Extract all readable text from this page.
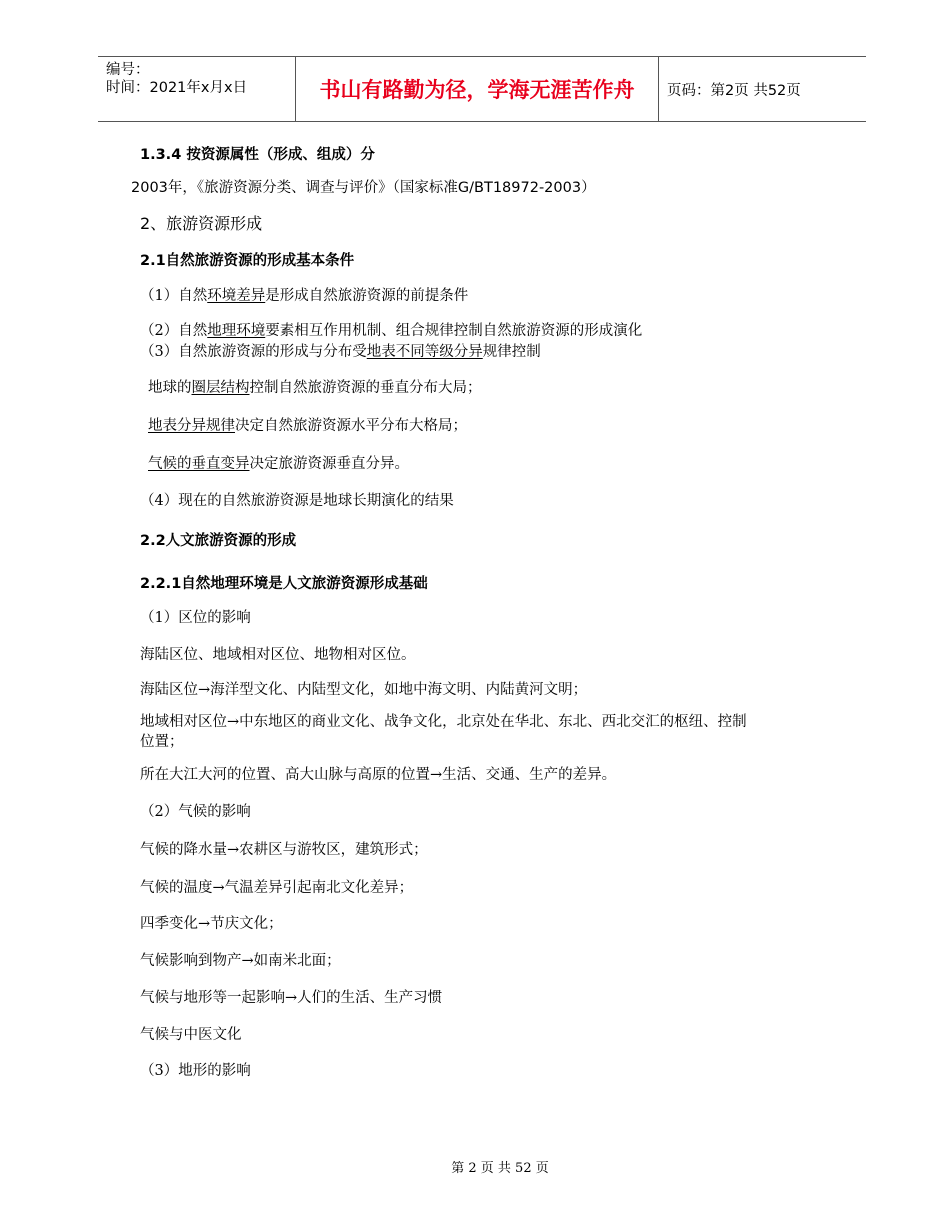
编号：
时间：2021年x月x日	书山有路勤为径，学海无涯苦作舟	页码：第2页 共52页
1.3.4 按资源属性（形成、组成）分
2003年，《旅游资源分类、调查与评价》（国家标准G/BT18972-2003）
2、旅游资源形成
2.1自然旅游资源的形成基本条件
（1）自然环境差异是形成自然旅游资源的前提条件
（2）自然地理环境要素相互作用机制、组合规律控制自然旅游资源的形成演化
（3）自然旅游资源的形成与分布受地表不同等级分异规律控制
地球的圈层结构控制自然旅游资源的垂直分布大局；
地表分异规律决定自然旅游资源水平分布大格局；
气候的垂直变异决定旅游资源垂直分异。
（4）现在的自然旅游资源是地球长期演化的结果
2.2人文旅游资源的形成
2.2.1自然地理环境是人文旅游资源形成基础
（1）区位的影响
海陆区位、地域相对区位、地物相对区位。
海陆区位→海洋型文化、内陆型文化，如地中海文明、内陆黄河文明；
地域相对区位→中东地区的商业文化、战争文化，北京处在华北、东北、西北交汇的枢纽、控制
位置；
所在大江大河的位置、高大山脉与高原的位置→生活、交通、生产的差异。
（2）气候的影响
气候的降水量→农耕区与游牧区，建筑形式；
气候的温度→气温差异引起南北文化差异；
四季变化→节庆文化；
气候影响到物产→如南米北面；
气候与地形等一起影响→人们的生活、生产习惯
气候与中医文化
（3）地形的影响
第 2 页 共 52 页
